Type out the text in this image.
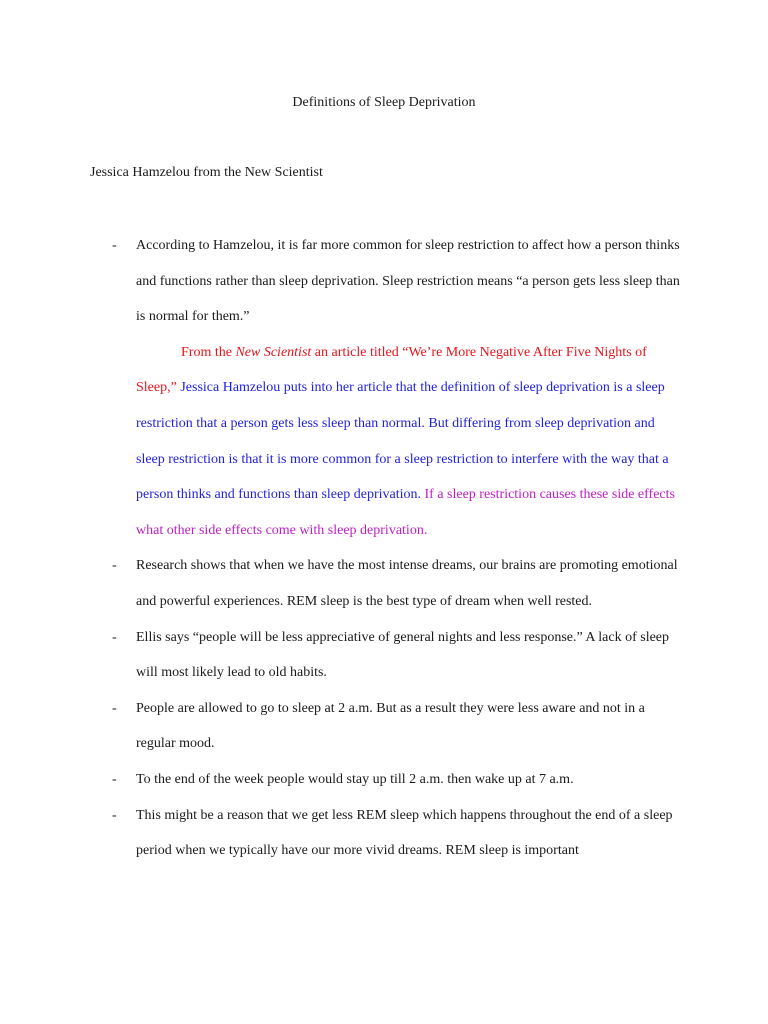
Definitions of Sleep Deprivation
Jessica Hamzelou from the New Scientist
- According to Hamzelou, it is far more common for sleep restriction to affect how a person thinks and functions rather than sleep deprivation. Sleep restriction means “a person gets less sleep than is normal for them.”
From the New Scientist an article titled “We’re More Negative After Five Nights of Sleep,” Jessica Hamzelou puts into her article that the definition of sleep deprivation is a sleep restriction that a person gets less sleep than normal. But differing from sleep deprivation and sleep restriction is that it is more common for a sleep restriction to interfere with the way that a person thinks and functions than sleep deprivation. If a sleep restriction causes these side effects what other side effects come with sleep deprivation.
- Research shows that when we have the most intense dreams, our brains are promoting emotional and powerful experiences. REM sleep is the best type of dream when well rested.
- Ellis says “people will be less appreciative of general nights and less response.” A lack of sleep will most likely lead to old habits.
- People are allowed to go to sleep at 2 a.m. But as a result they were less aware and not in a regular mood.
- To the end of the week people would stay up till 2 a.m. then wake up at 7 a.m.
- This might be a reason that we get less REM sleep which happens throughout the end of a sleep period when we typically have our more vivid dreams. REM sleep is important
